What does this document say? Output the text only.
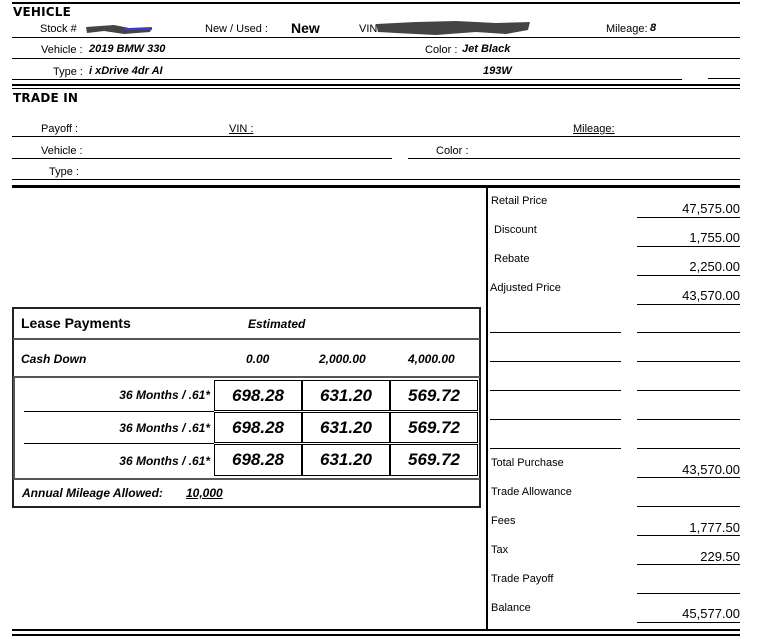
VEHICLE
Stock #	New / Used : New	VIN	Mileage: 8
Vehicle : 2019 BMW 330	Color : Jet Black
Type : i xDrive 4dr AI	193W
TRADE IN
Payoff :	VIN :	Mileage:
Vehicle :	Color :
Type :
Retail Price	47,575.00
Discount	1,755.00
Rebate	2,250.00
Adjusted Price	43,570.00
Total Purchase	43,570.00
Trade Allowance
Fees	1,777.50
Tax	229.50
Trade Payoff
Balance	45,577.00
Lease Payments	Estimated
Cash Down	0.00	2,000.00	4,000.00
36 Months / .61*	698.28	631.20	569.72
36 Months / .61*	698.28	631.20	569.72
36 Months / .61*	698.28	631.20	569.72
Annual Mileage Allowed: 10,000
